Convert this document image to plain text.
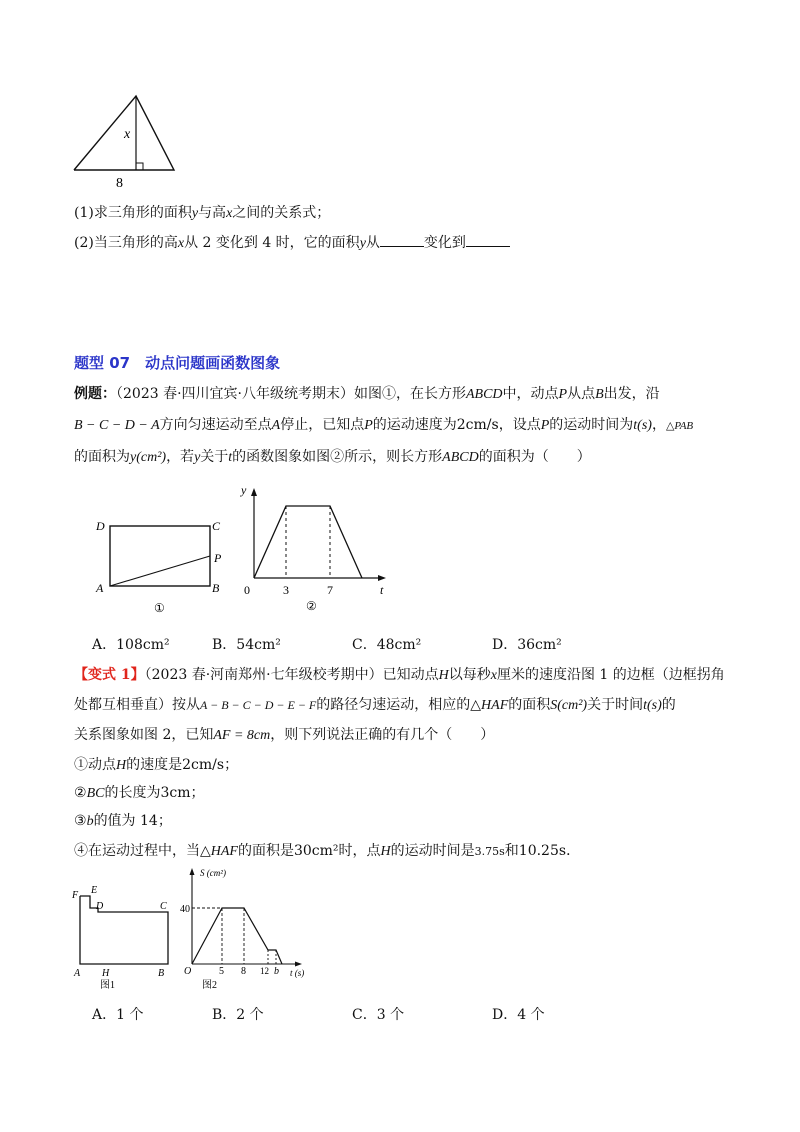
x
8
(1)求三角形的面积y与高x之间的关系式；
(2)当三角形的高x从 2 变化到 4 时，它的面积y从	变化到
题型 07　动点问题画函数图象
例题：（2023 春·四川宜宾·八年级统考期末）如图①，在长方形ABCD中，动点P从点B出发，沿
B − C − D − A方向匀速运动至点A停止，已知点P的运动速度为2cm/s，设点P的运动时间为t(s)，△PAB
的面积为y(cm²)，若y关于t的函数图象如图②所示，则长方形ABCD的面积为（　　）
D	C
P
A	B
①
y
t
0	3	7
②
A．108cm²	B．54cm²	C．48cm²	D．36cm²
【变式 1】（2023 春·河南郑州·七年级校考期中）已知动点H以每秒x厘米的速度沿图 1 的边框（边框拐角
处都互相垂直）按从A − B − C − D − E − F的路径匀速运动，相应的△HAF的面积S(cm²)关于时间t(s)的
关系图象如图 2，已知AF = 8cm，则下列说法正确的有几个（　　）
①动点H的速度是2cm/s；
②BC的长度为3cm；
③b的值为 14；
④在运动过程中，当△HAF的面积是30cm²时，点H的运动时间是3.75s和10.25s．
F E
D	C
A H	B
图1
S (cm²)
40
O	5 8 12 b t (s)
图2
A．1 个	B．2 个	C．3 个	D．4 个
